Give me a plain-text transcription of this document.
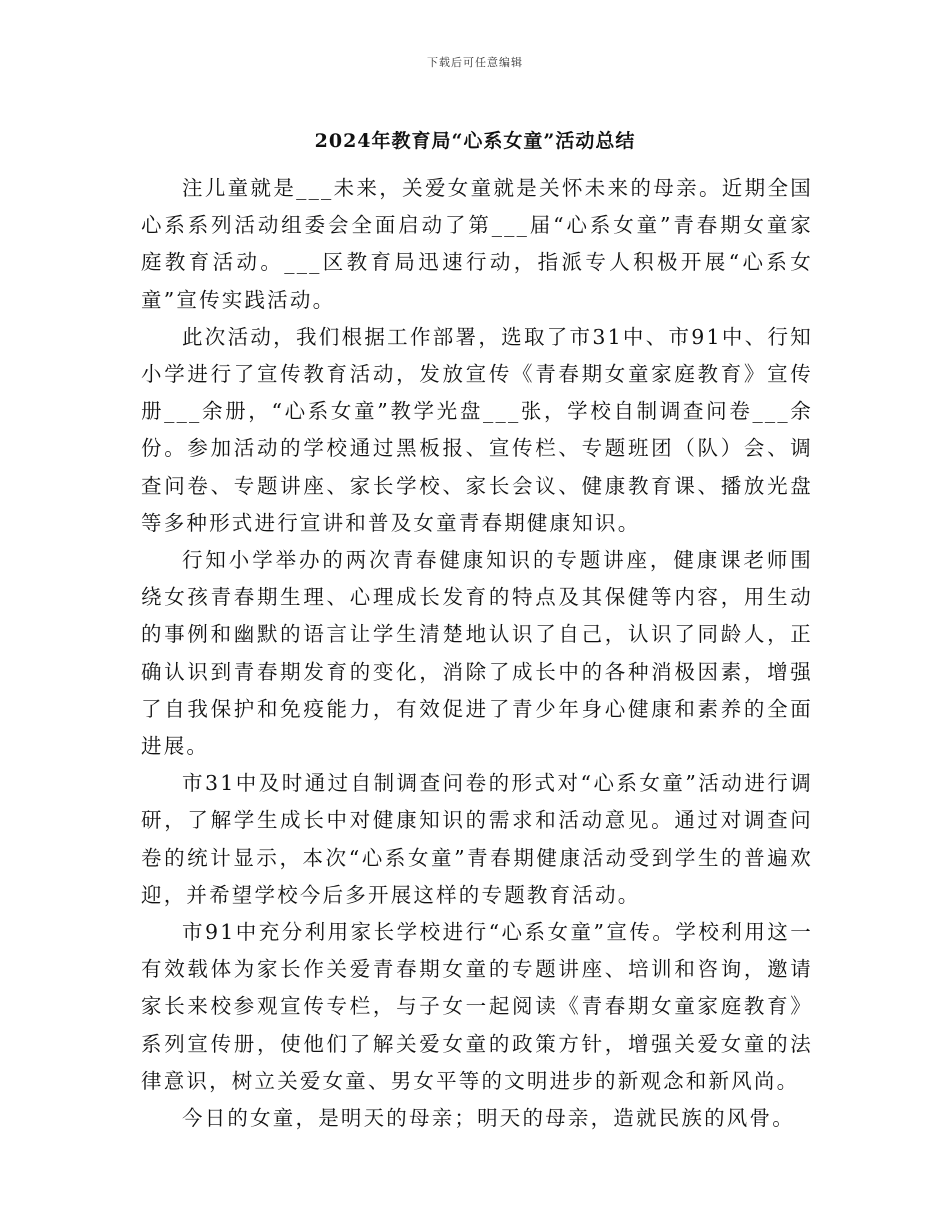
下载后可任意编辑
2024年教育局“心系女童”活动总结

注儿童就是___未来，关爱女童就是关怀未来的母亲。近期全国心系系列活动组委会全面启动了第___届“心系女童”青春期女童家庭教育活动。___区教育局迅速行动，指派专人积极开展“心系女童”宣传实践活动。

此次活动，我们根据工作部署，选取了市31中、市91中、行知小学进行了宣传教育活动，发放宣传《青春期女童家庭教育》宣传册___余册，“心系女童”教学光盘___张，学校自制调查问卷___余份。参加活动的学校通过黑板报、宣传栏、专题班团（队）会、调查问卷、专题讲座、家长学校、家长会议、健康教育课、播放光盘等多种形式进行宣讲和普及女童青春期健康知识。

行知小学举办的两次青春健康知识的专题讲座，健康课老师围绕女孩青春期生理、心理成长发育的特点及其保健等内容，用生动的事例和幽默的语言让学生清楚地认识了自己，认识了同龄人，正确认识到青春期发育的变化，消除了成长中的各种消极因素，增强了自我保护和免疫能力，有效促进了青少年身心健康和素养的全面进展。

市31中及时通过自制调查问卷的形式对“心系女童”活动进行调研，了解学生成长中对健康知识的需求和活动意见。通过对调查问卷的统计显示，本次“心系女童”青春期健康活动受到学生的普遍欢迎，并希望学校今后多开展这样的专题教育活动。

市91中充分利用家长学校进行“心系女童”宣传。学校利用这一有效载体为家长作关爱青春期女童的专题讲座、培训和咨询，邀请家长来校参观宣传专栏，与子女一起阅读《青春期女童家庭教育》系列宣传册，使他们了解关爱女童的政策方针，增强关爱女童的法律意识，树立关爱女童、男女平等的文明进步的新观念和新风尚。

今日的女童，是明天的母亲；明天的母亲，造就民族的风骨。
